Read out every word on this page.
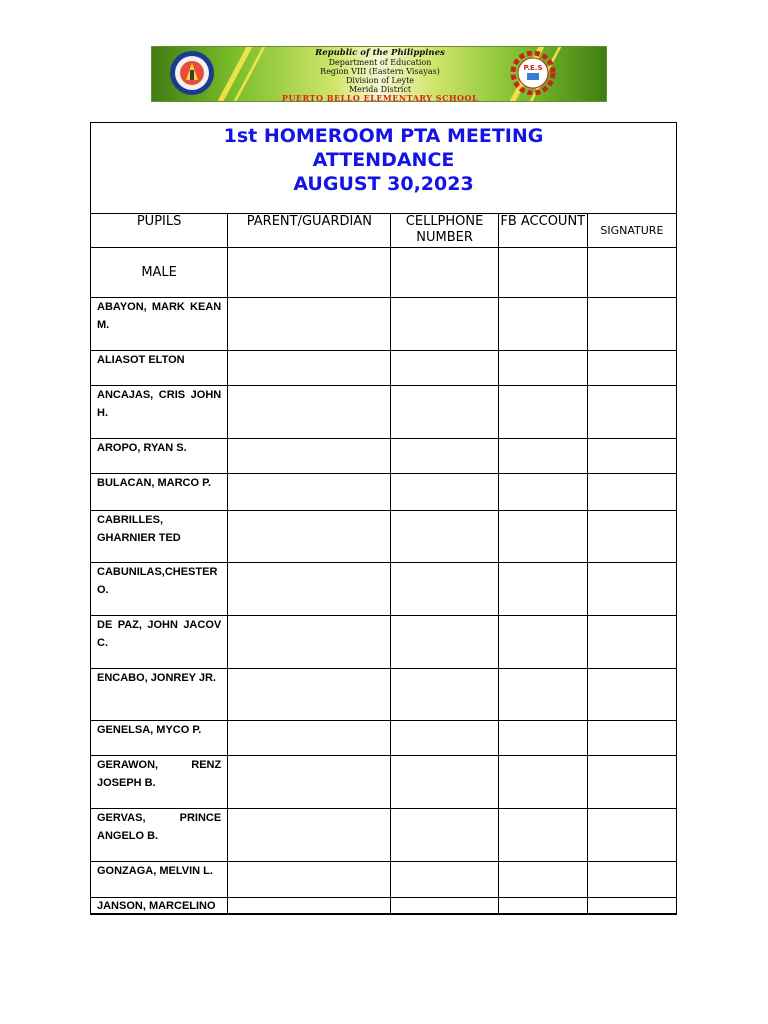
Republic of the Philippines
Department of Education
Region VIII (Eastern Visayas)
Division of Leyte
Merida District
PUERTO BELLO ELEMENTARY SCHOOL
P.E.S
1st HOMEROOM PTA MEETING
ATTENDANCE
AUGUST 30,2023
PUPILS	PARENT/GUARDIAN	CELLPHONE NUMBER	FB ACCOUNT	SIGNATURE
MALE				

ABAYON, MARK KEAN M.				

ALIASOT ELTON				

ANCAJAS, CRIS JOHN H.				

AROPO, RYAN S.				

BULACAN, MARCO P.				

CABRILLES, GHARNIER TED				

CABUNILAS,CHESTER O.				

DE PAZ, JOHN JACOV C.				

ENCABO, JONREY JR.				

GENELSA, MYCO P.				

GERAWON, RENZ JOSEPH B.				

GERVAS, PRINCE ANGELO B.				

GONZAGA, MELVIN L.				

JANSON, MARCELINO				
